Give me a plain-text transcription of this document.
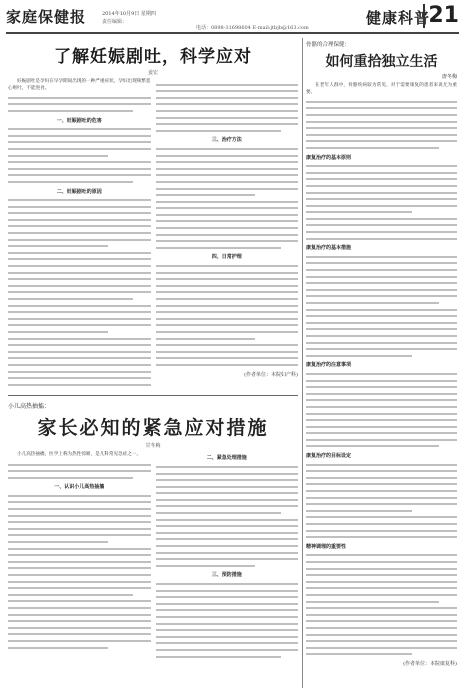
家庭保健报	2014年10月9日 星期四
责任编辑：
电话：0898-31698604 E-mail:jtbjb@163.com
健康科普
21
了解妊娠剧吐，科学应对
姜宏
妊娠剧吐是孕妇在早孕期间出现的一种严重症状，孕妇出现频繁恶心呕吐，不能进食。
一、妊娠剧吐的危害
二、妊娠剧吐的原因
三、治疗方法
四、日常护理
(作者单位：本院妇产科)
小儿高热抽搐：
家长必知的紧急应对措施
甘冬梅
小儿高热抽搐，医学上称为热性惊厥，是儿科常见急症之一。
一、认识小儿高热抽搐
二、紧急处理措施
三、预防措施
骨骼的合理保健：
如何重拾独立生活
唐冬梅
在老年人群中，骨骼疾病较为常见，对于需要康复的患者来说尤为重要。
康复治疗的基本原则
康复治疗的基本措施
康复治疗的注意事项
康复治疗的目标设定
精神调理的重要性
(作者单位：本院康复科)
